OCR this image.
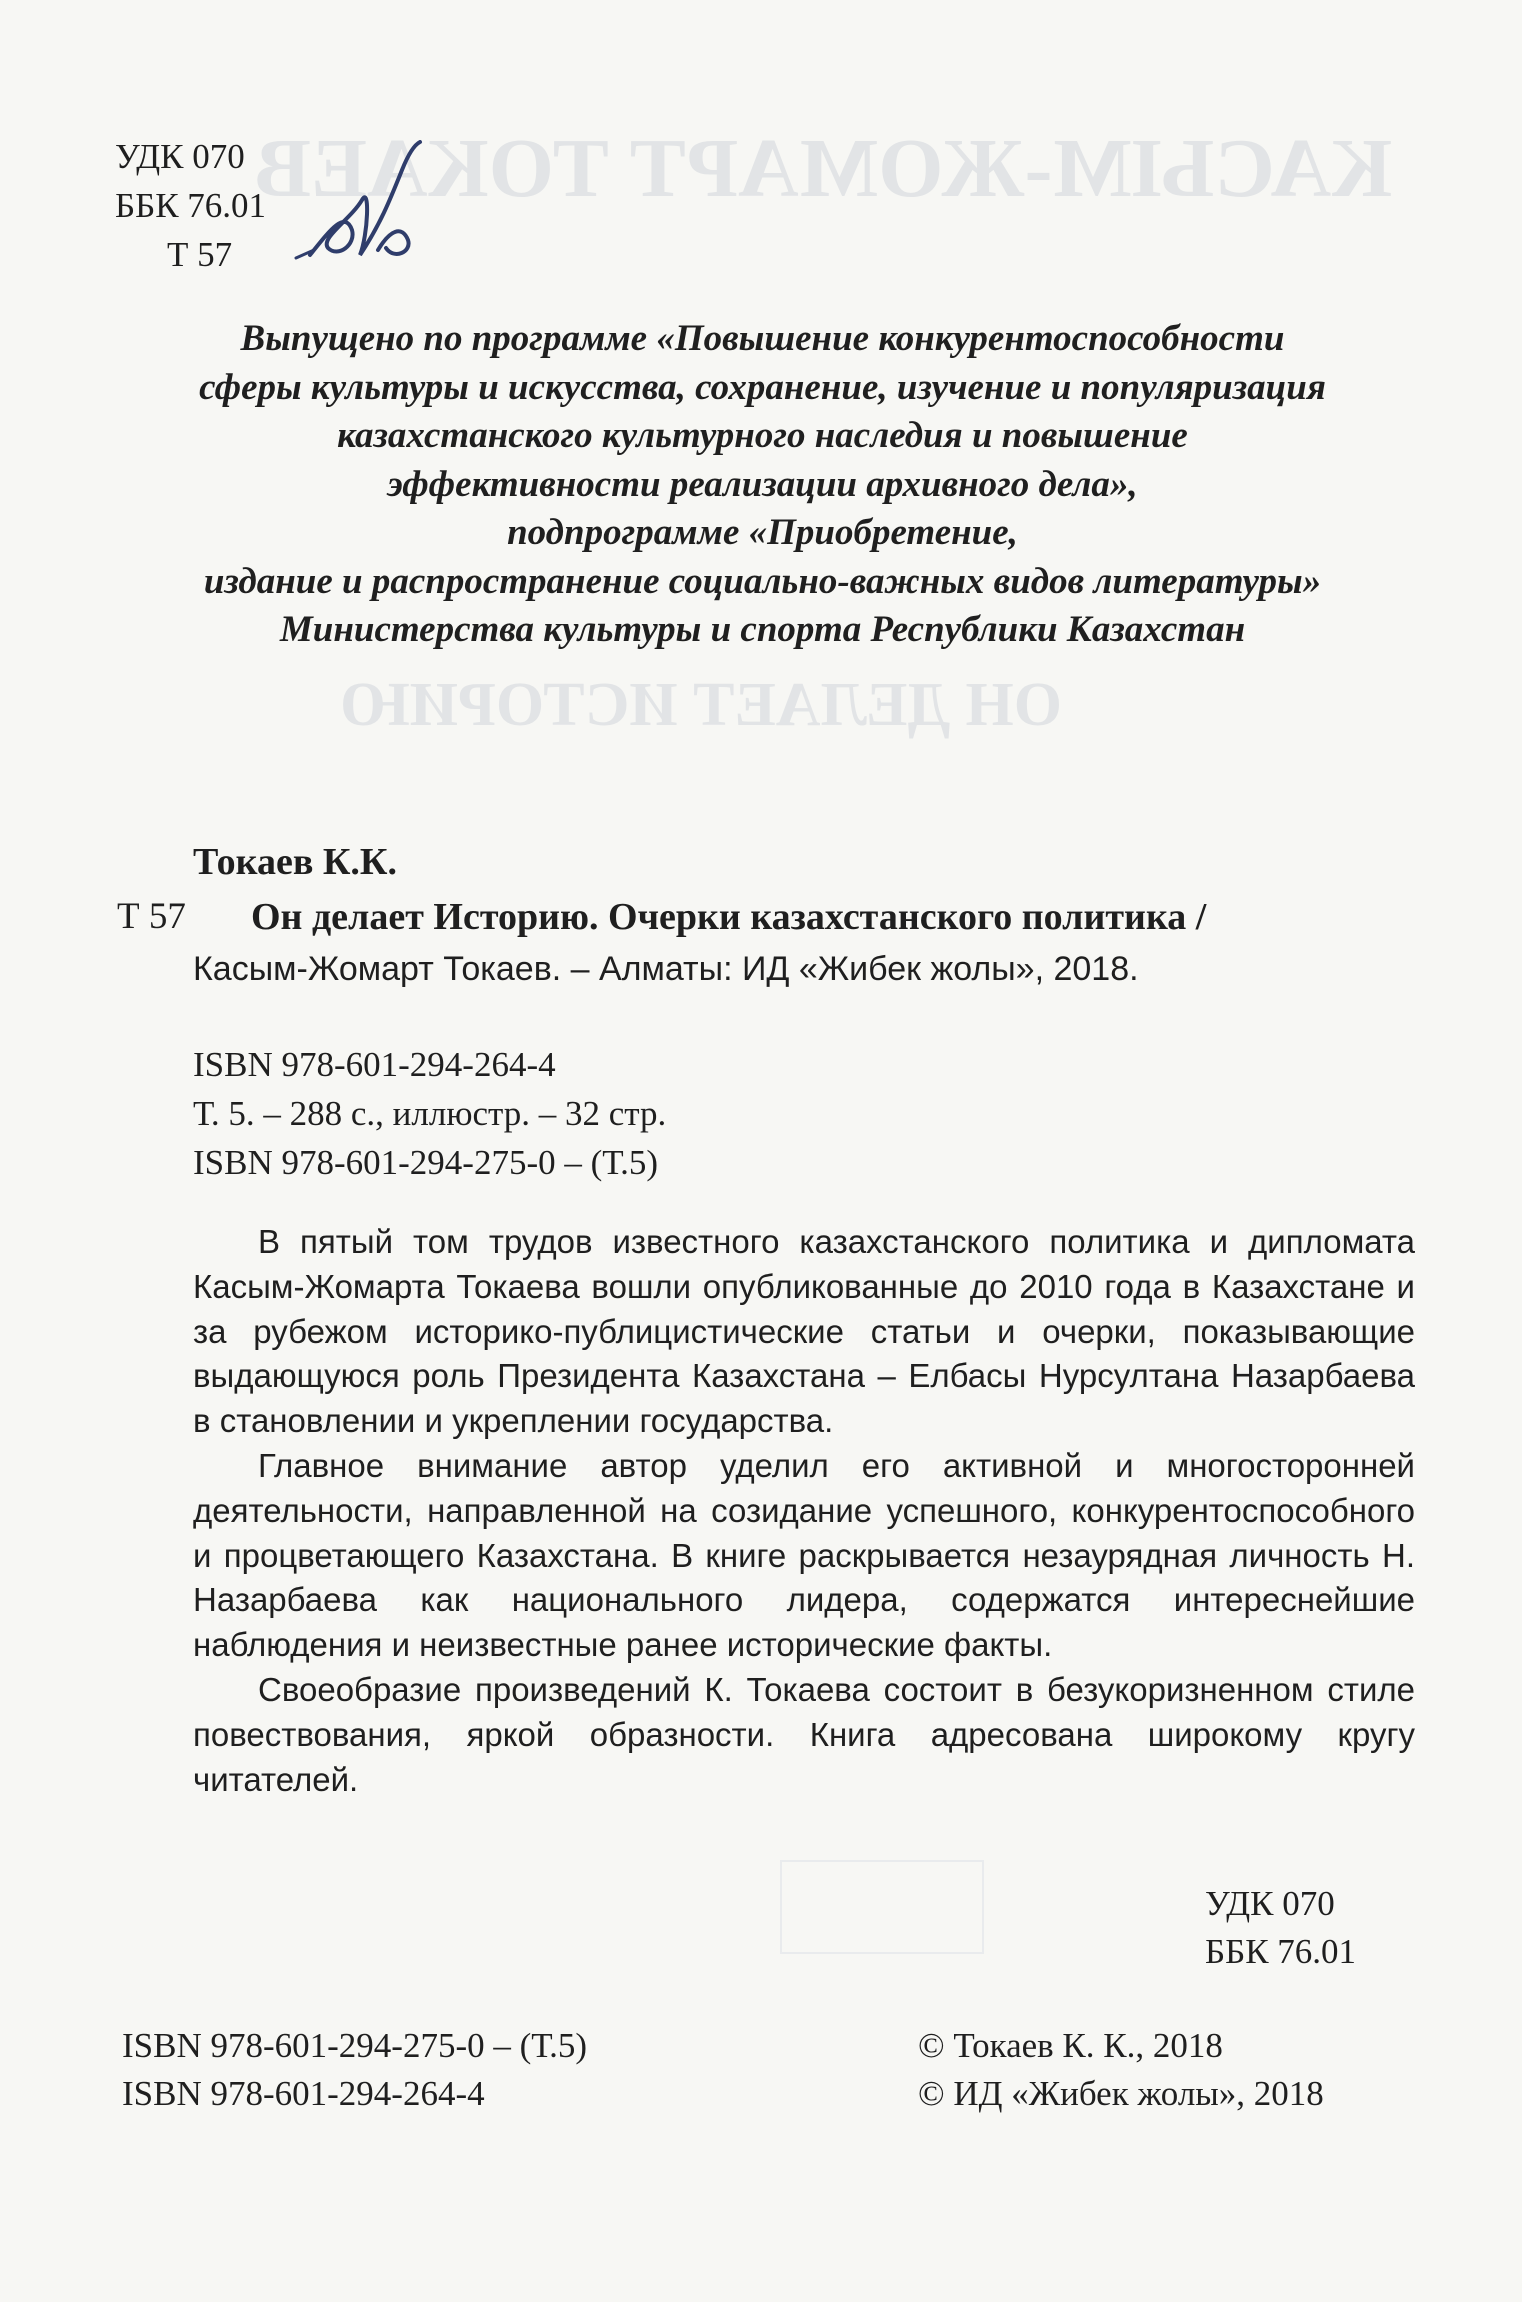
КАСЫМ-ЖОМАРТ ТОКАЕВ
ОН ДЕЛАЕТ ИСТОРИЮ
УДК 070
ББК 76.01
Т 57
Выпущено по программе «Повышение конкурентоспособности
сферы культуры и искусства, сохранение, изучение и популяризация
казахстанского культурного наследия и повышение
эффективности реализации архивного дела»,
подпрограмме «Приобретение,
издание и распространение социально-важных видов литературы»
Министерства культуры и спорта Республики Казахстан
Токаев К.К.
Т 57 Он делает Историю. Очерки казахстанского политика /
Касым-Жомарт Токаев. – Алматы: ИД «Жибек жолы», 2018.
ISBN 978-601-294-264-4
Т. 5. – 288 с., иллюстр. – 32 стр.
ISBN 978-601-294-275-0 – (Т.5)

В пятый том трудов известного казахстанского политика и дипломата Касым-Жомарта Токаева вошли опубликованные до 2010 года в Казахстане и за рубежом историко-публицистические статьи и очерки, показывающие выдающуюся роль Президента Казахстана – Елбасы Нурсултана Назарбаева в становлении и укреплении государства.

Главное внимание автор уделил его активной и многосторонней деятельности, направленной на созидание успешного, конкурентоспособного и процветающего Казахстана. В книге раскрывается незаурядная личность Н. Назарбаева как национального лидера, содержатся интереснейшие наблюдения и неизвестные ранее исторические факты.

Своеобразие произведений К. Токаева состоит в безукоризненном стиле повествования, яркой образности. Книга адресована широкому кругу читателей.

УДК 070
ББК 76.01
ISBN 978-601-294-275-0 – (Т.5)
ISBN 978-601-294-264-4
© Токаев К. К., 2018
© ИД «Жибек жолы», 2018
